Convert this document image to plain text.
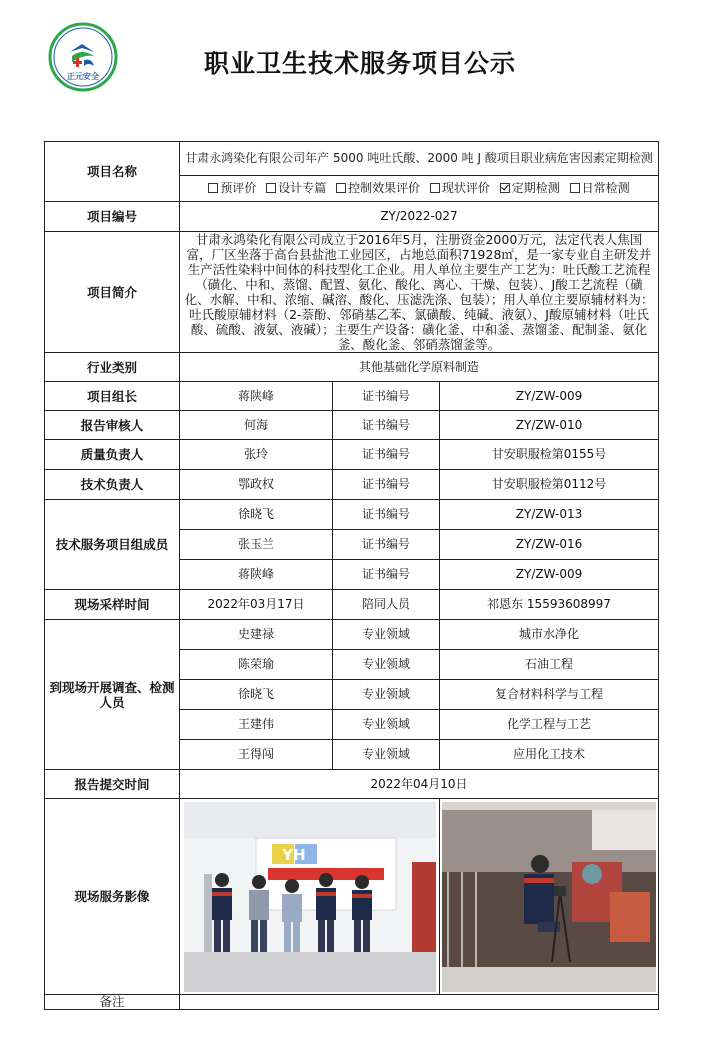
正元安全	职业卫生技术服务项目公示
项目名称	甘肃永鸿染化有限公司年产 5000 吨吐氏酸、2000 吨 J 酸项目职业病危害因素定期检测		
	预评价 设计专篇 控制效果评价 现状评价 定期检测 日常检测		
项目编号	ZY/2022-027		
项目简介	甘肃永鸿染化有限公司成立于2016年5月，注册资金2000万元，法定代表人焦国富，厂区坐落于高台县盐池工业园区，占地总面积71928㎡，是一家专业自主研发并生产活性染料中间体的科技型化工企业。用人单位主要生产工艺为：吐氏酸工艺流程（磺化、中和、蒸馏、配置、氨化、酸化、离心、干燥、包装）、J酸工艺流程（磺化、水解、中和、浓缩、碱溶、酸化、压滤洗涤、包装）；用人单位主要原辅材料为：吐氏酸原辅材料（2-萘酚、邻硝基乙苯、氯磺酸、纯碱、液氨）、J酸原辅材料（吐氏酸、硫酸、液氨、液碱）；主要生产设备：磺化釜、中和釜、蒸馏釜、配制釜、氨化釜、酸化釜、邻硝蒸馏釜等。		
行业类别	其他基础化学原料制造		
项目组长	蒋陕峰	证书编号	ZY/ZW-009
报告审核人	何海	证书编号	ZY/ZW-010
质量负责人	张玲	证书编号	甘安职服检第0155号
技术负责人	鄂政权	证书编号	甘安职服检第0112号
技术服务项目组成员	徐晓飞	证书编号	ZY/ZW-013
	张玉兰	证书编号	ZY/ZW-016
	蒋陕峰	证书编号	ZY/ZW-009
现场采样时间	2022年03月17日	陪同人员	祁恩东 15593608997
到现场开展调查、检测人员	史建禄	专业领域	城市水净化
	陈荣瑜	专业领域	石油工程
	徐晓飞	专业领域	复合材料科学与工程
	王建伟	专业领域	化学工程与工艺
	王得闯	专业领域	应用化工技术
报告提交时间	2022年04月10日		
现场服务影像	YH

备注			
